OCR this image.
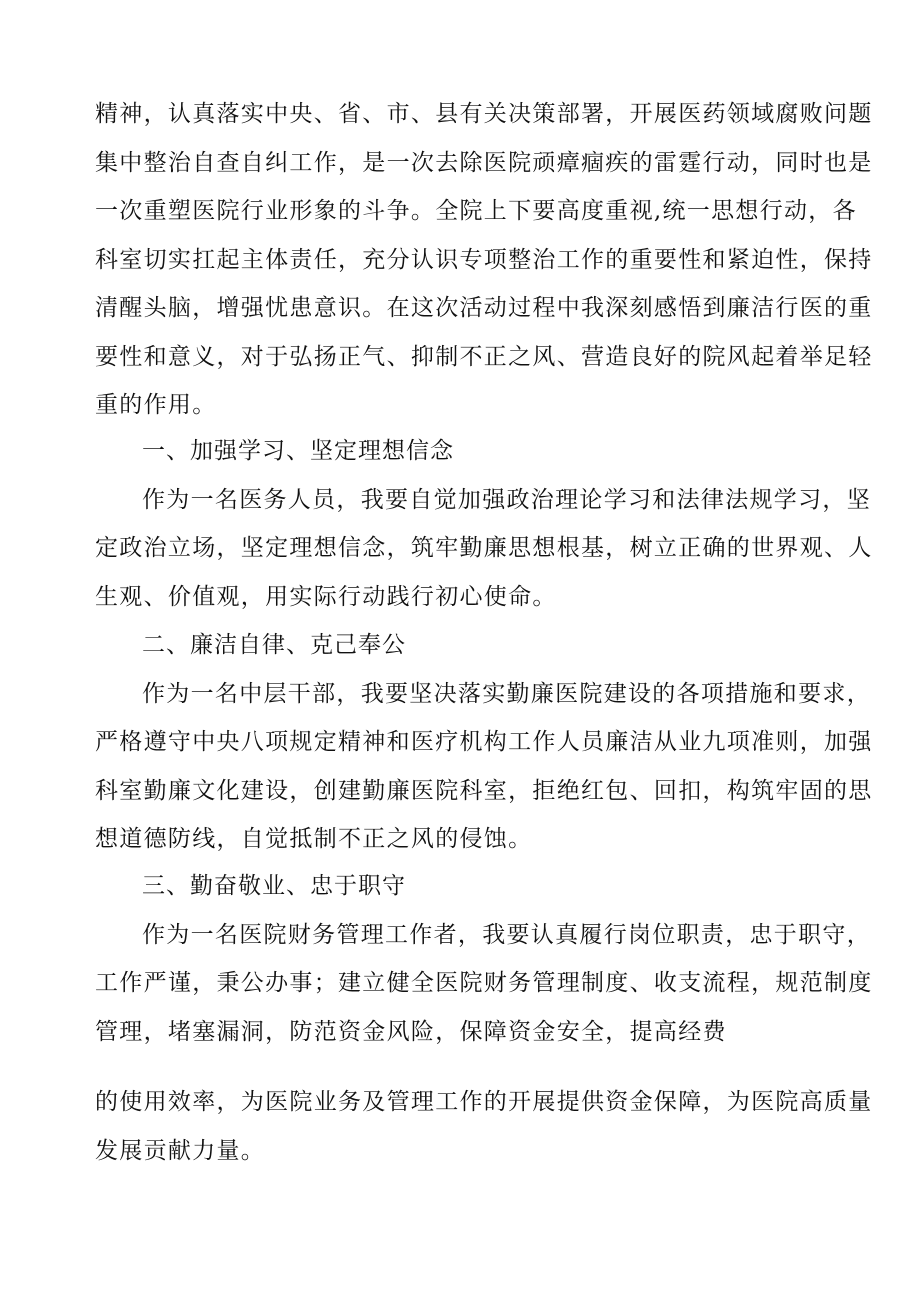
精神，认真落实中央、省、市、县有关决策部署，开展医药领域腐败问题
集中整治自查自纠工作，是一次去除医院顽瘴痼疾的雷霆行动，同时也是
一次重塑医院行业形象的斗争。全院上下要高度重视,统一思想行动，各
科室切实扛起主体责任，充分认识专项整治工作的重要性和紧迫性，保持
清醒头脑，增强忧患意识。在这次活动过程中我深刻感悟到廉洁行医的重
要性和意义，对于弘扬正气、抑制不正之风、营造良好的院风起着举足轻
重的作用。
一、加强学习、坚定理想信念
作为一名医务人员，我要自觉加强政治理论学习和法律法规学习，坚
定政治立场，坚定理想信念，筑牢勤廉思想根基，树立正确的世界观、人
生观、价值观，用实际行动践行初心使命。
二、廉洁自律、克己奉公
作为一名中层干部，我要坚决落实勤廉医院建设的各项措施和要求，
严格遵守中央八项规定精神和医疗机构工作人员廉洁从业九项准则，加强
科室勤廉文化建设，创建勤廉医院科室，拒绝红包、回扣，构筑牢固的思
想道德防线，自觉抵制不正之风的侵蚀。
三、勤奋敬业、忠于职守
作为一名医院财务管理工作者，我要认真履行岗位职责，忠于职守，
工作严谨，秉公办事；建立健全医院财务管理制度、收支流程，规范制度
管理，堵塞漏洞，防范资金风险，保障资金安全，提高经费
的使用效率，为医院业务及管理工作的开展提供资金保障，为医院高质量
发展贡献力量。
